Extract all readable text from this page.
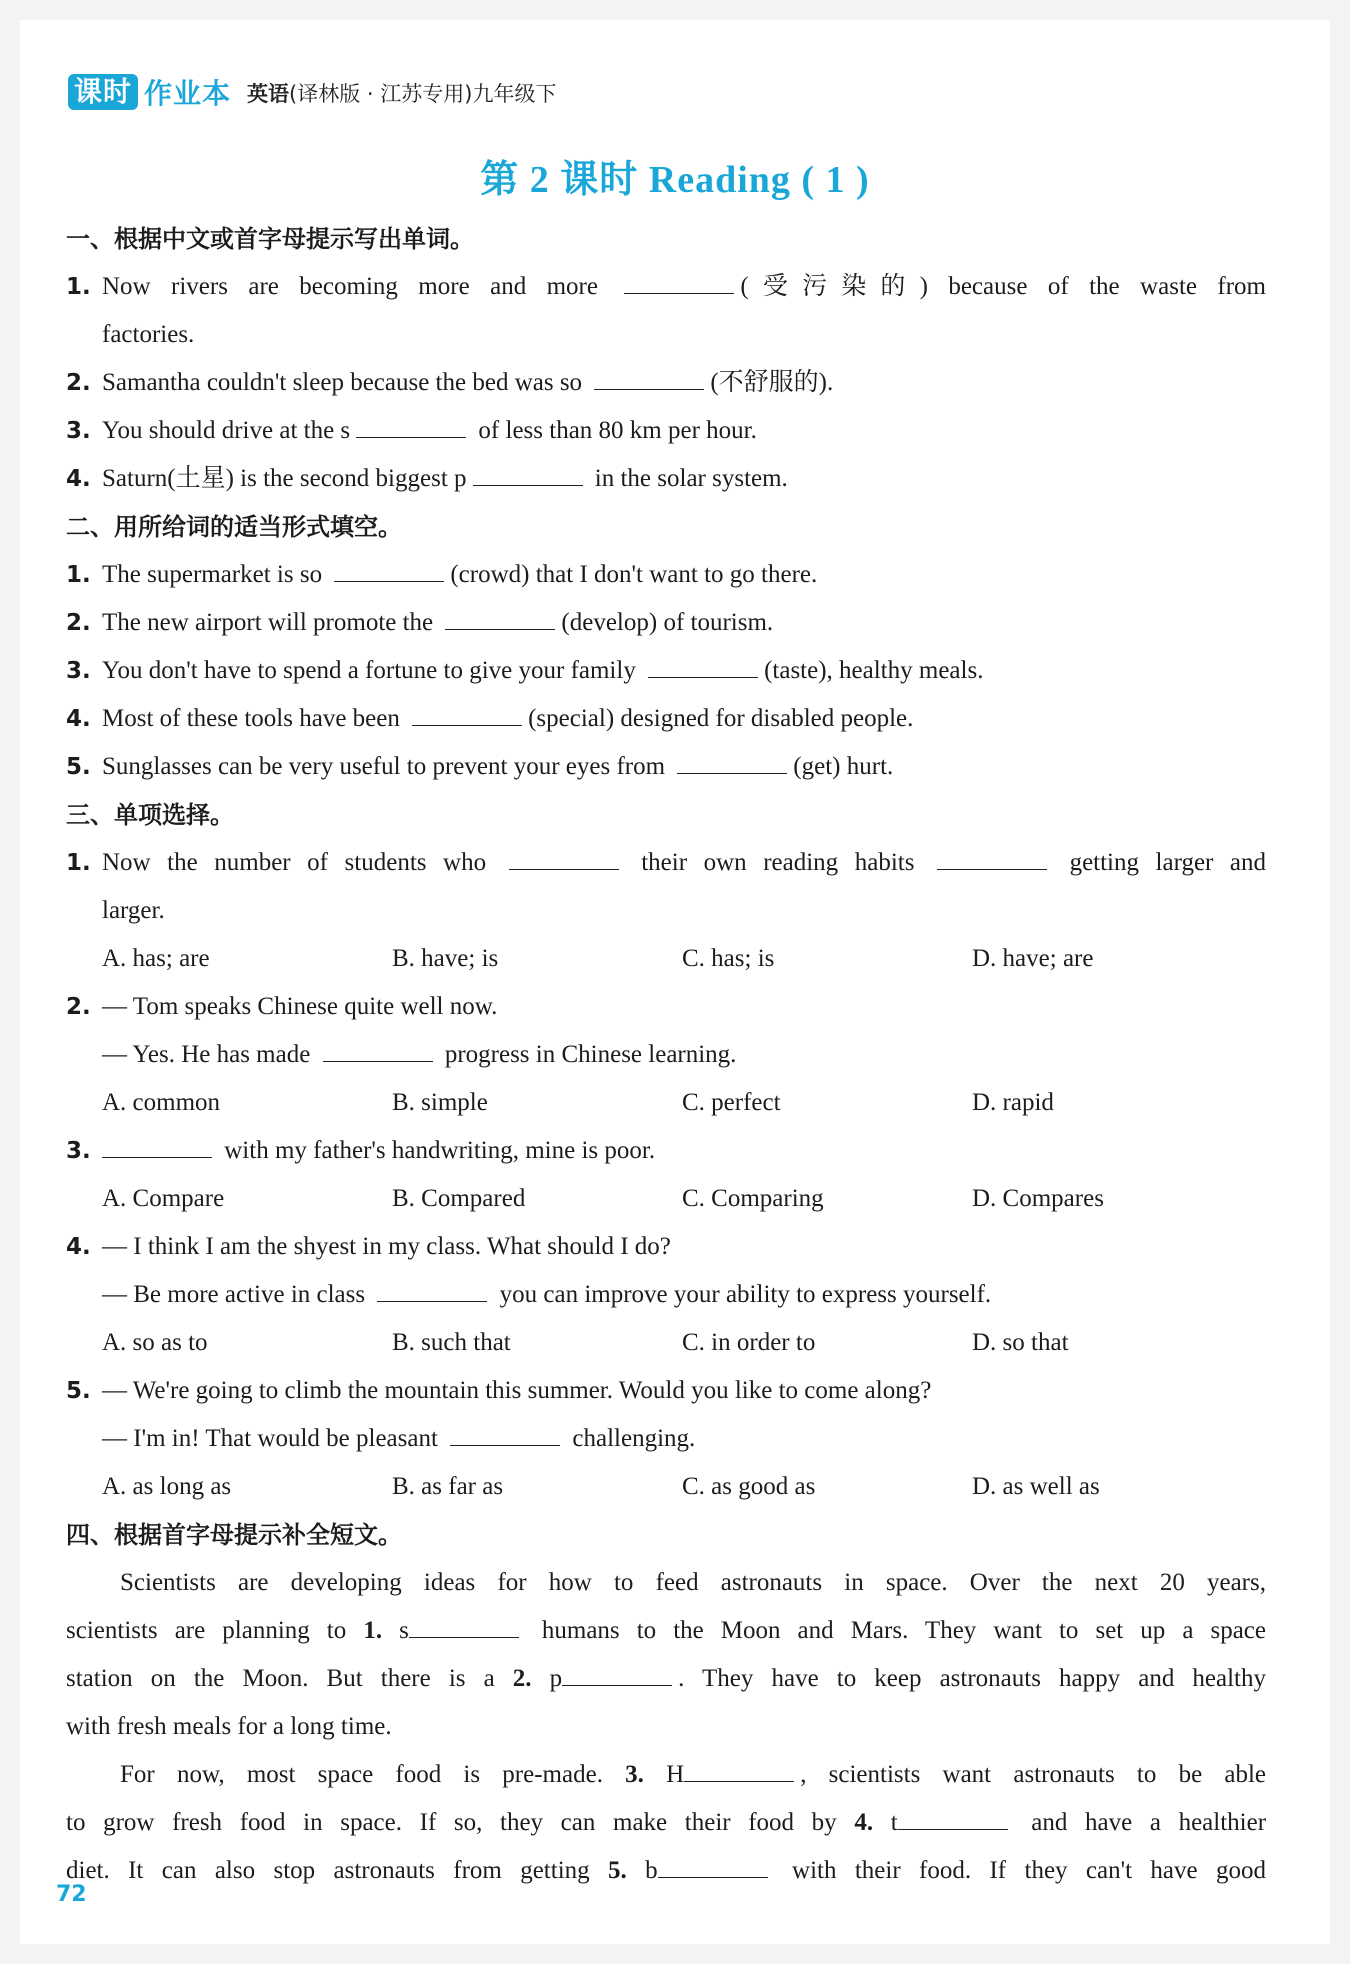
课时 作业本 英语(译林版 · 江苏专用)九年级下
第 2 课时 Reading ( 1 )
一、根据中文或首字母提示写出单词。
1. Now rivers are becoming more and more	(受污染的) because of the waste from
factories.
2. Samantha couldn't sleep because the bed was so	(不舒服的).
3. You should drive at the s	of less than 80 km per hour.
4. Saturn(土星) is the second biggest p	in the solar system.
二、用所给词的适当形式填空。
1. The supermarket is so	(crowd) that I don't want to go there.
2. The new airport will promote the	(develop) of tourism.
3. You don't have to spend a fortune to give your family	(taste), healthy meals.
4. Most of these tools have been	(special) designed for disabled people.
5. Sunglasses can be very useful to prevent your eyes from	(get) hurt.
三、单项选择。
1. Now the number of students who	their own reading habits	getting larger and
larger.
A. has; are	B. have; is	C. has; is	D. have; are
2. — Tom speaks Chinese quite well now.
— Yes. He has made	progress in Chinese learning.
A. common	B. simple	C. perfect	D. rapid
3.	with my father's handwriting, mine is poor.
A. Compare	B. Compared	C. Comparing	D. Compares
4. — I think I am the shyest in my class. What should I do?
— Be more active in class	you can improve your ability to express yourself.
A. so as to	B. such that	C. in order to	D. so that
5. — We're going to climb the mountain this summer. Would you like to come along?
— I'm in! That would be pleasant	challenging.
A. as long as	B. as far as	C. as good as	D. as well as
四、根据首字母提示补全短文。
Scientists are developing ideas for how to feed astronauts in space. Over the next 20 years,
scientists are planning to 1. s	humans to the Moon and Mars. They want to set up a space
station on the Moon. But there is a 2. p	. They have to keep astronauts happy and healthy
with fresh meals for a long time.
For now, most space food is pre-made. 3. H	, scientists want astronauts to be able
to grow fresh food in space. If so, they can make their food by 4. t	and have a healthier
diet. It can also stop astronauts from getting 5. b	with their food. If they can't have good
72
